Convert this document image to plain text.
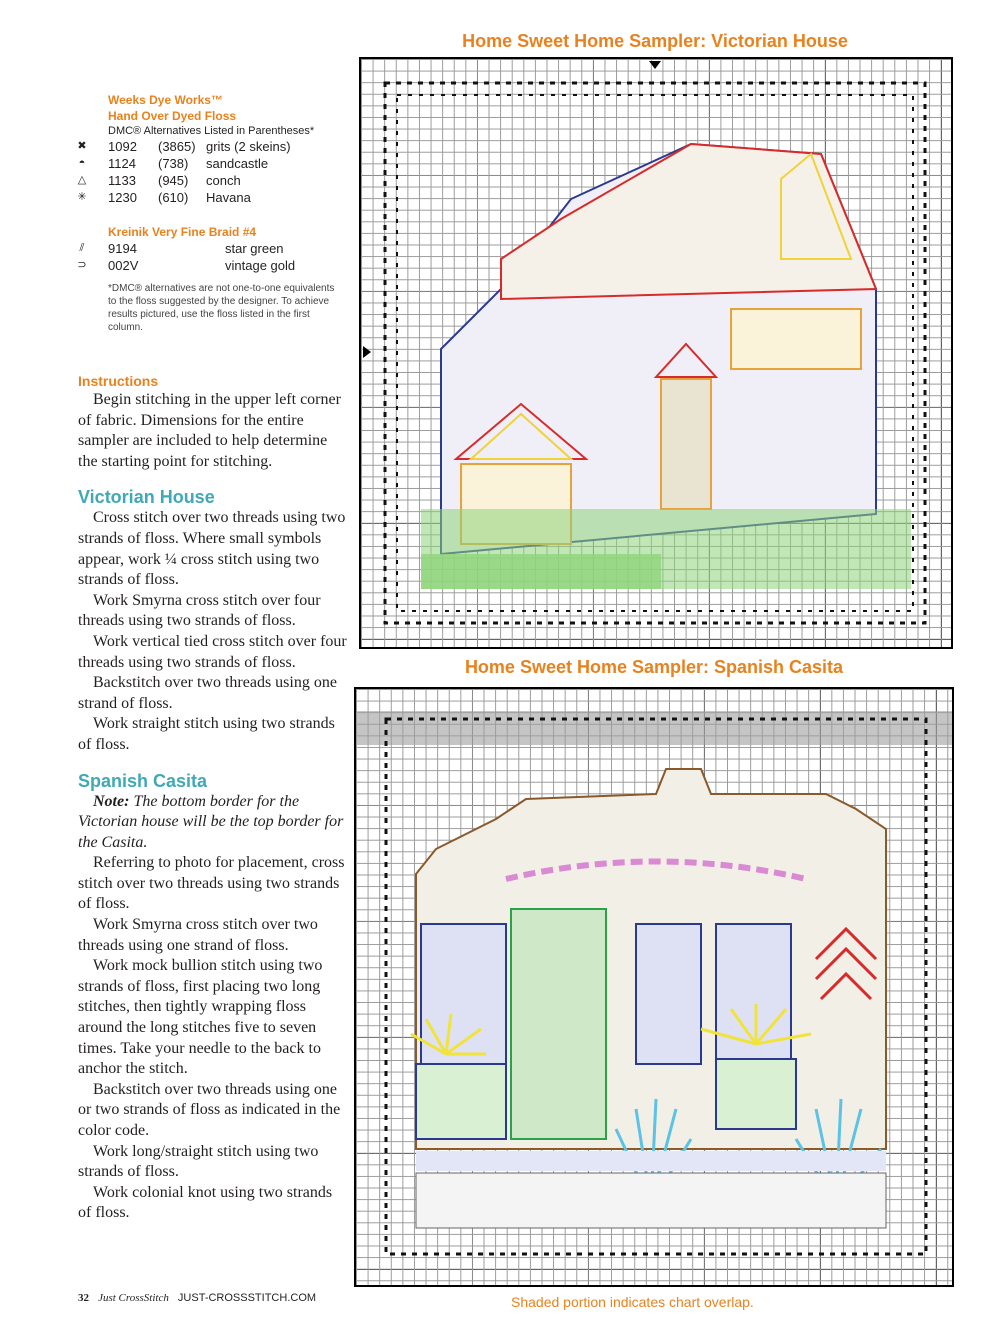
Weeks Dye Works™
Hand Over Dyed Floss
DMC® Alternatives Listed in Parentheses*
✖ 1092	(3865) grits (2 skeins)
◓ 1124	(738)	sandcastle
△ 1133	(945)	conch
✳ 1230	(610)	Havana
Kreinik Very Fine Braid #4
⫽ 9194	star green
⊃ 002V	vintage gold
*DMC® alternatives are not one-to-one equivalents to the floss suggested by the designer. To achieve results pictured, use the floss listed in the first column.
Instructions

Begin stitching in the upper left corner of fabric. Dimensions for the entire sampler are included to help determine the starting point for stitching.

Victorian House

Cross stitch over two threads using two strands of floss. Where small symbols appear, work ¼ cross stitch using two strands of floss.

Work Smyrna cross stitch over four threads using two strands of floss.

Work vertical tied cross stitch over four threads using two strands of floss.

Backstitch over two threads using one strand of floss.

Work straight stitch using two strands of floss.

Spanish Casita

Note: The bottom border for the Victorian house will be the top border for the Casita.

Referring to photo for placement, cross stitch over two threads using two strands of floss.

Work Smyrna cross stitch over two threads using one strand of floss.

Work mock bullion stitch using two strands of floss, first placing two long stitches, then tightly wrapping floss around the long stitches five to seven times. Take your needle to the back to anchor the stitch.

Backstitch over two threads using one or two strands of floss as indicated in the color code.

Work long/straight stitch using two strands of floss.

Work colonial knot using two strands of floss.

Home Sweet Home Sampler: Victorian House
Home Sweet Home Sampler: Spanish Casita
32 Just CrossStitch JUST-CROSSSTITCH.COM	Shaded portion indicates chart overlap.
